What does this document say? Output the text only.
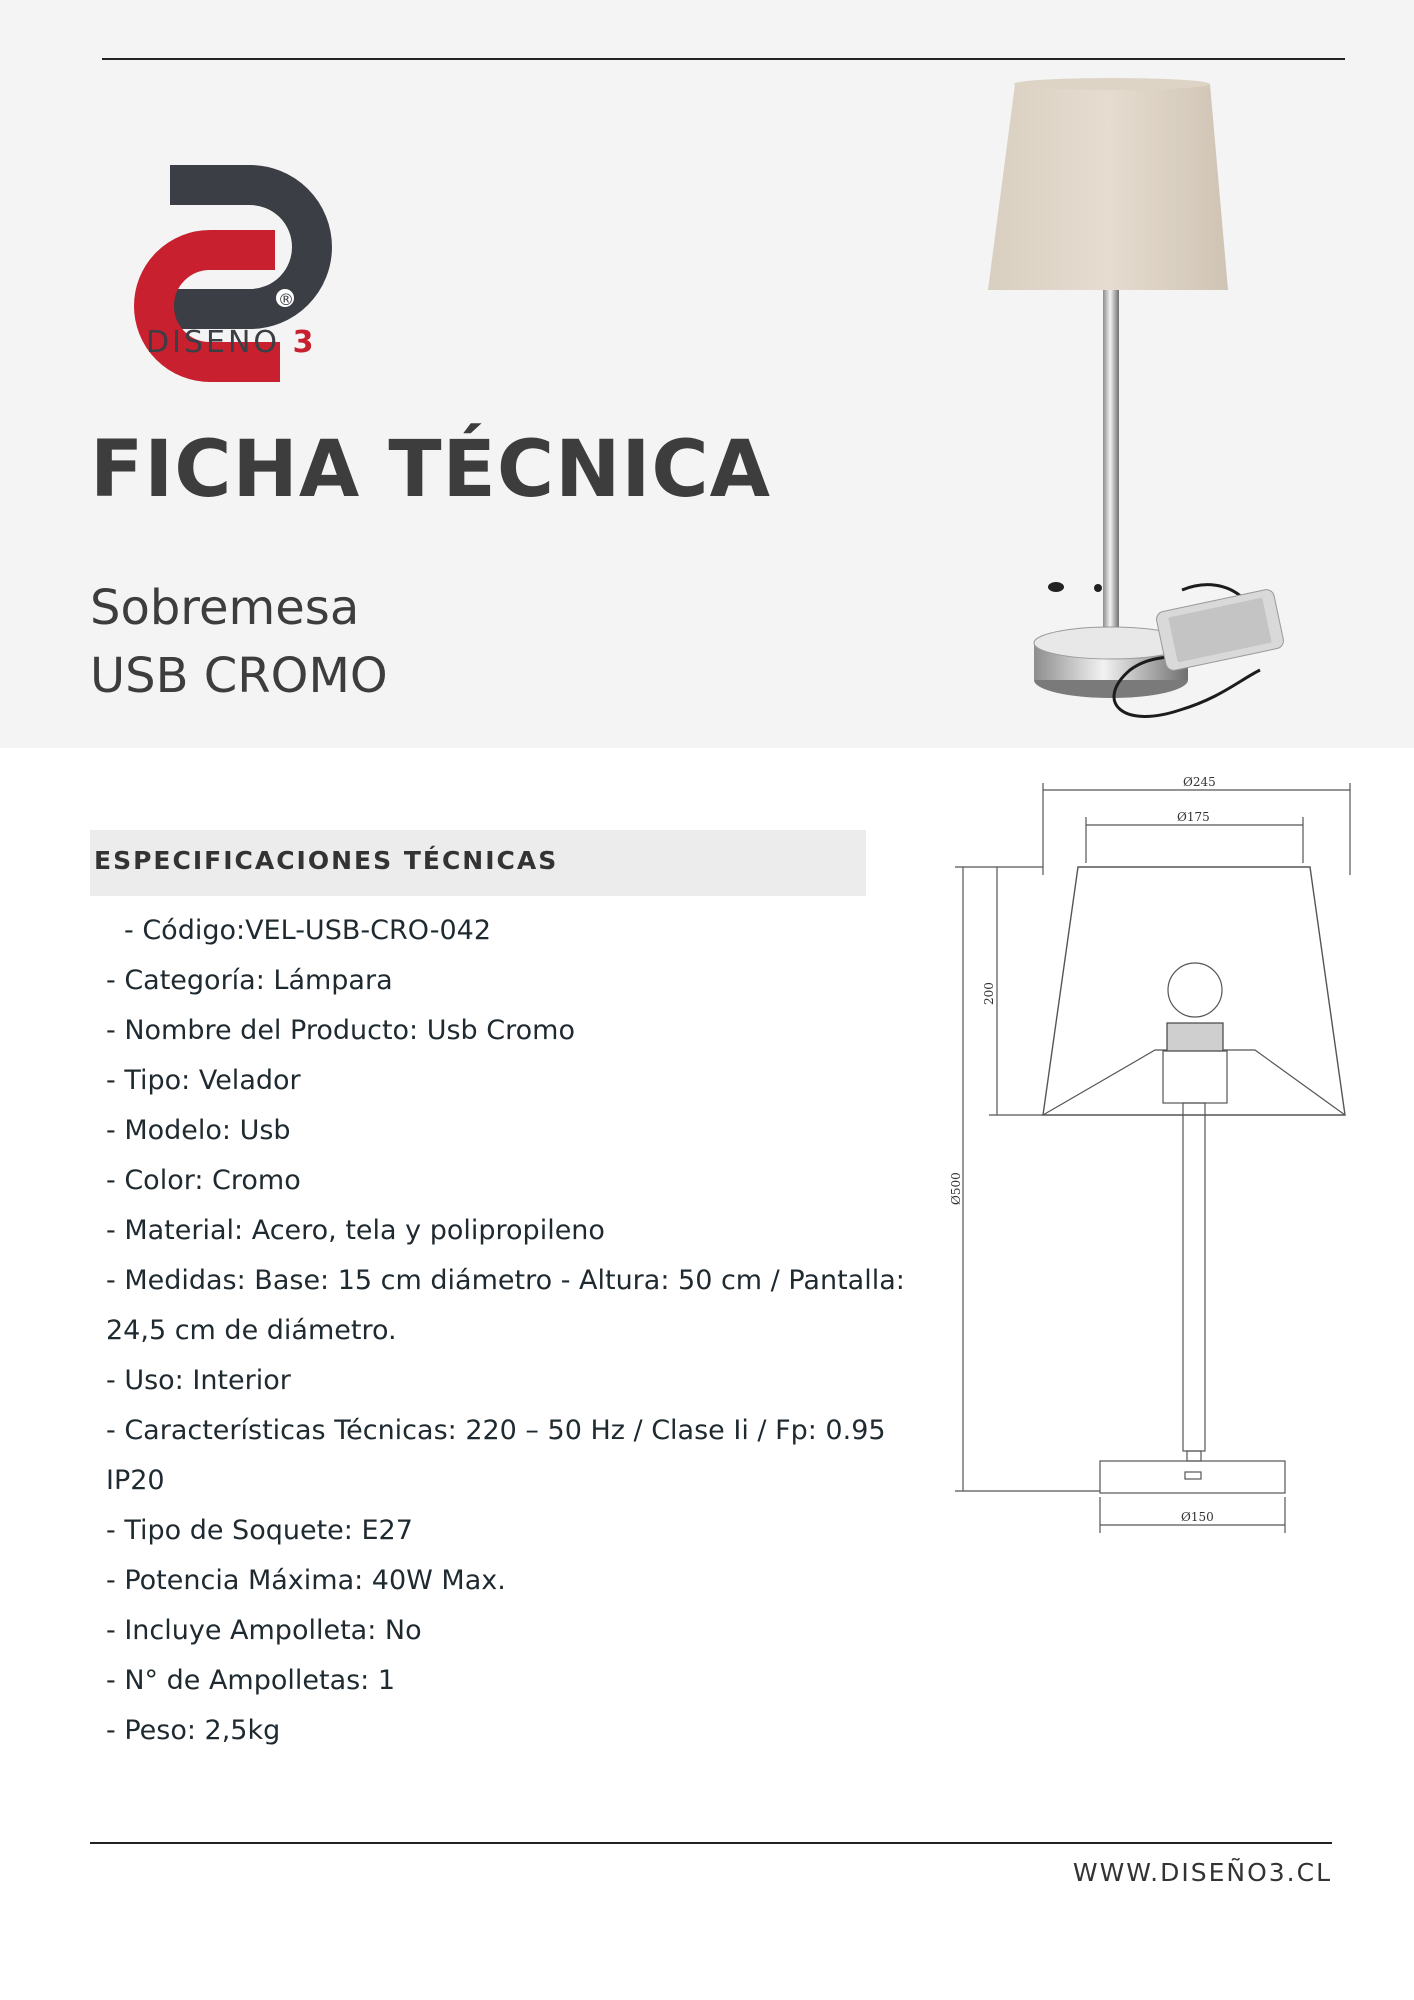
®
DISEÑO 3
FICHA TÉCNICA
Sobremesa
USB CROMO
ESPECIFICACIONES TÉCNICAS
- Código:VEL-USB-CRO-042
- Categoría: Lámpara
- Nombre del Producto: Usb Cromo
- Tipo: Velador
- Modelo: Usb
- Color: Cromo
- Material: Acero, tela y polipropileno
- Medidas: Base: 15 cm diámetro - Altura: 50 cm / Pantalla: 24,5 cm de diámetro.
- Uso: Interior
- Características Técnicas: 220 – 50 Hz / Clase Ii / Fp: 0.95 IP20
- Tipo de Soquete: E27
- Potencia Máxima: 40W Max.
- Incluye Ampolleta: No
- N° de Ampolletas: 1
- Peso: 2,5kg
Ø245
Ø175
200
Ø500
Ø150
WWW.DISEÑO3.CL
